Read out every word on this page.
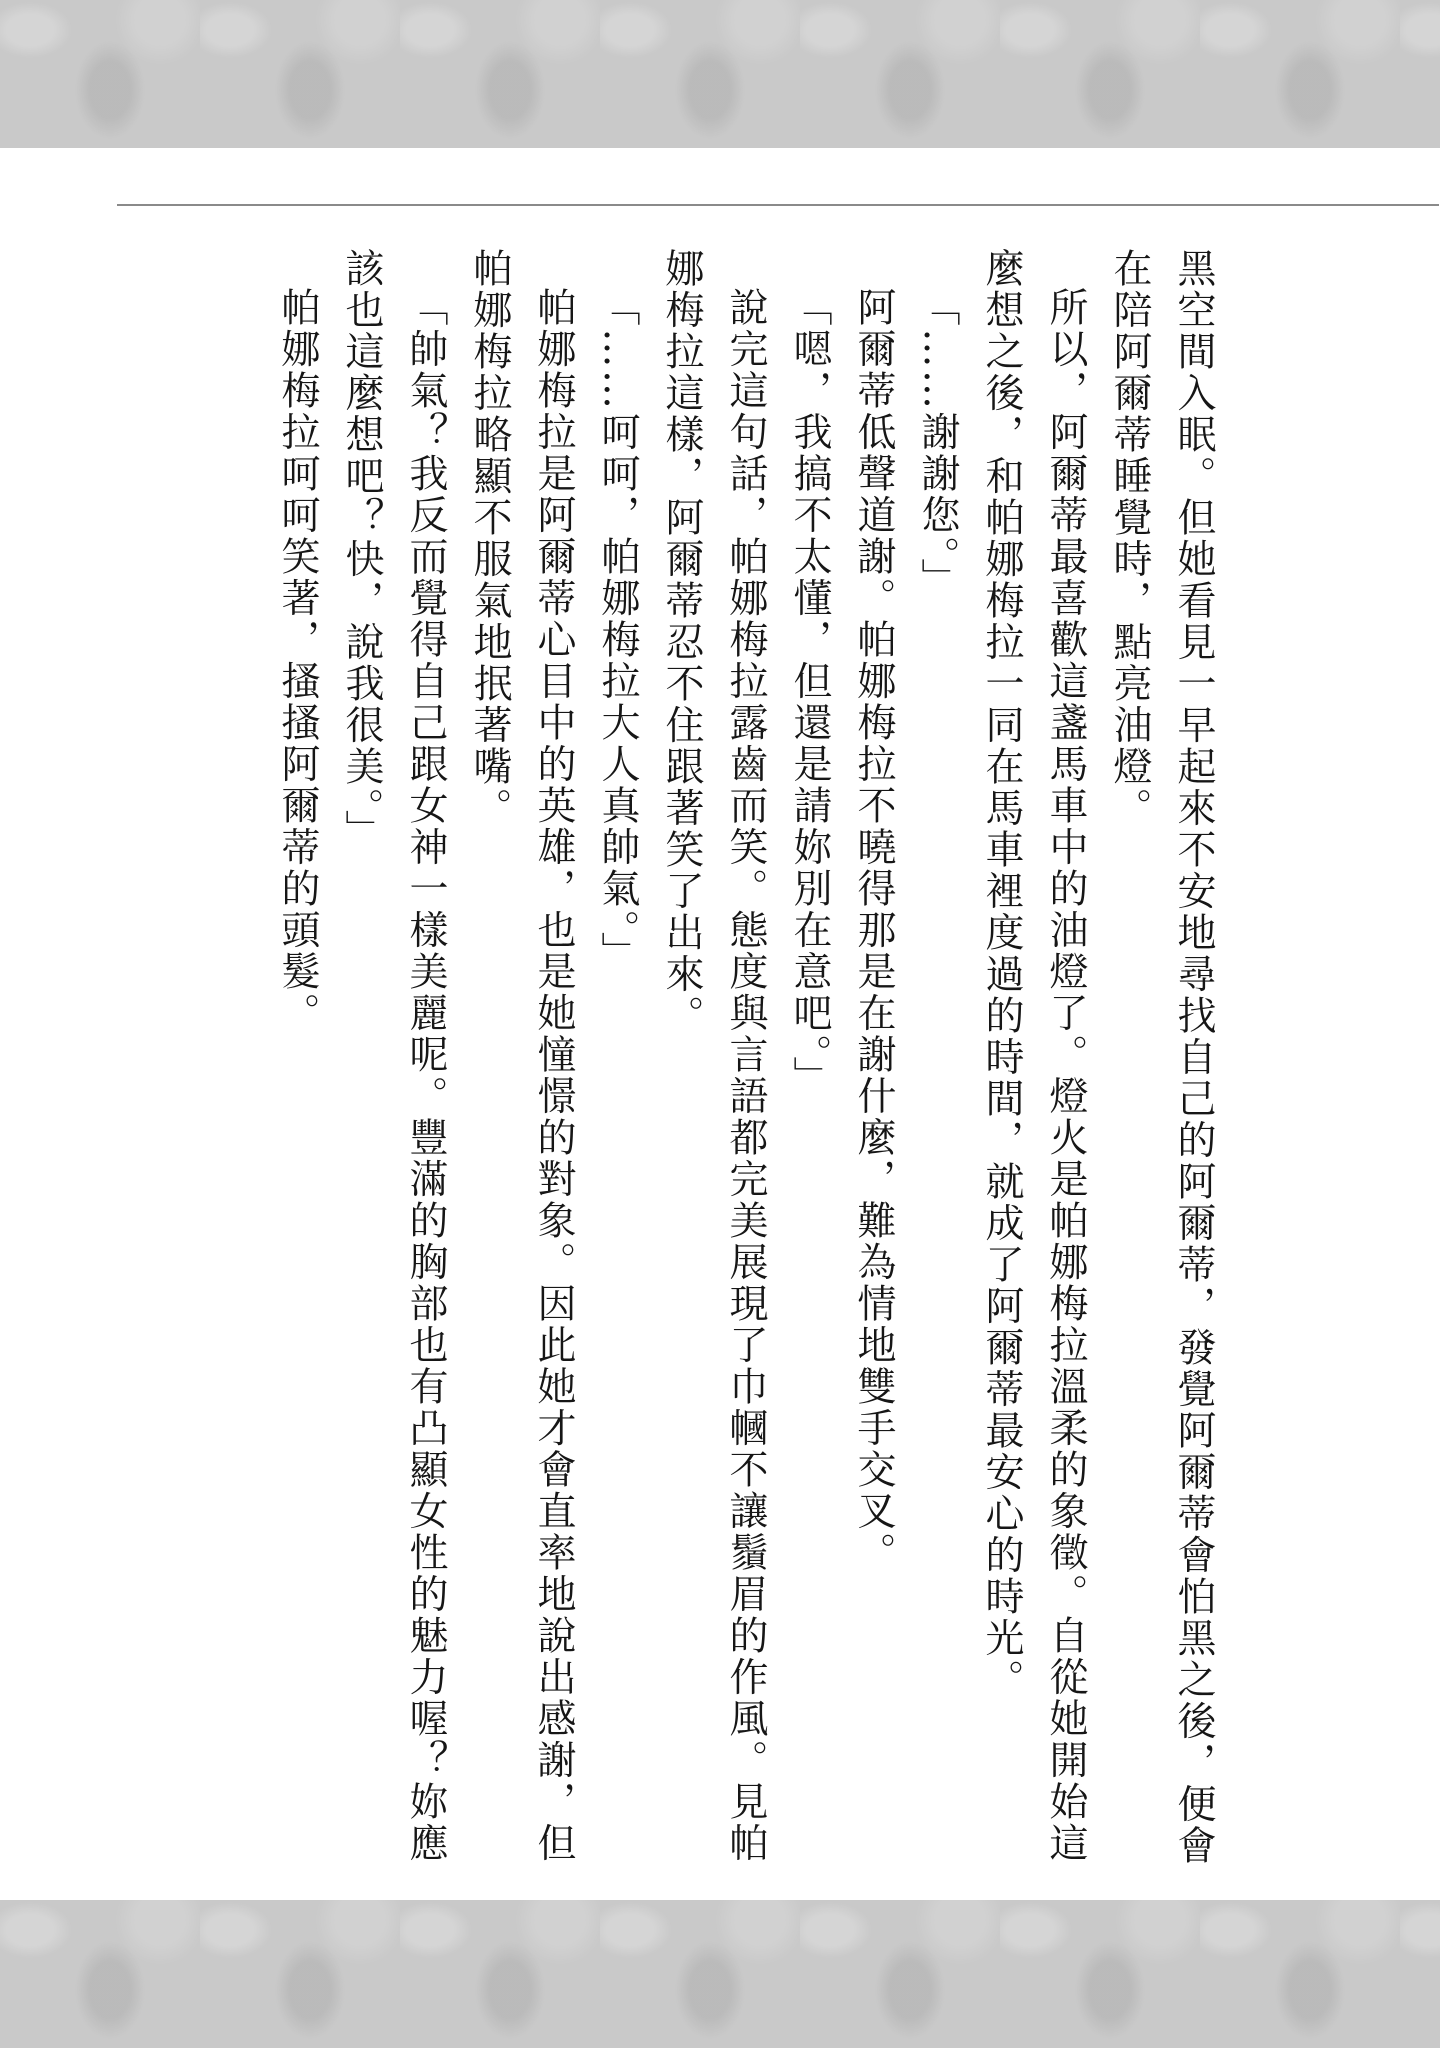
黑空間入眠。但她看見一早起來不安地尋找自己的阿爾蒂，發覺阿爾蒂會怕黑之後，便會在陪阿爾蒂睡覺時，點亮油燈。

所以，阿爾蒂最喜歡這盞馬車中的油燈了。燈火是帕娜梅拉溫柔的象徵。自從她開始這麼想之後，和帕娜梅拉一同在馬車裡度過的時間，就成了阿爾蒂最安心的時光。

「……謝謝您。」

阿爾蒂低聲道謝。帕娜梅拉不曉得那是在謝什麼，難為情地雙手交叉。

「嗯，我搞不太懂，但還是請妳別在意吧。」

說完這句話，帕娜梅拉露齒而笑。態度與言語都完美展現了巾幗不讓鬚眉的作風。見帕娜梅拉這樣，阿爾蒂忍不住跟著笑了出來。

「……呵呵，帕娜梅拉大人真帥氣。」

帕娜梅拉是阿爾蒂心目中的英雄，也是她憧憬的對象。因此她才會直率地說出感謝，但帕娜梅拉略顯不服氣地抿著嘴。

「帥氣？我反而覺得自己跟女神一樣美麗呢。豐滿的胸部也有凸顯女性的魅力喔？妳應該也這麼想吧？快，說我很美。」

帕娜梅拉呵呵笑著，搔搔阿爾蒂的頭髮。
